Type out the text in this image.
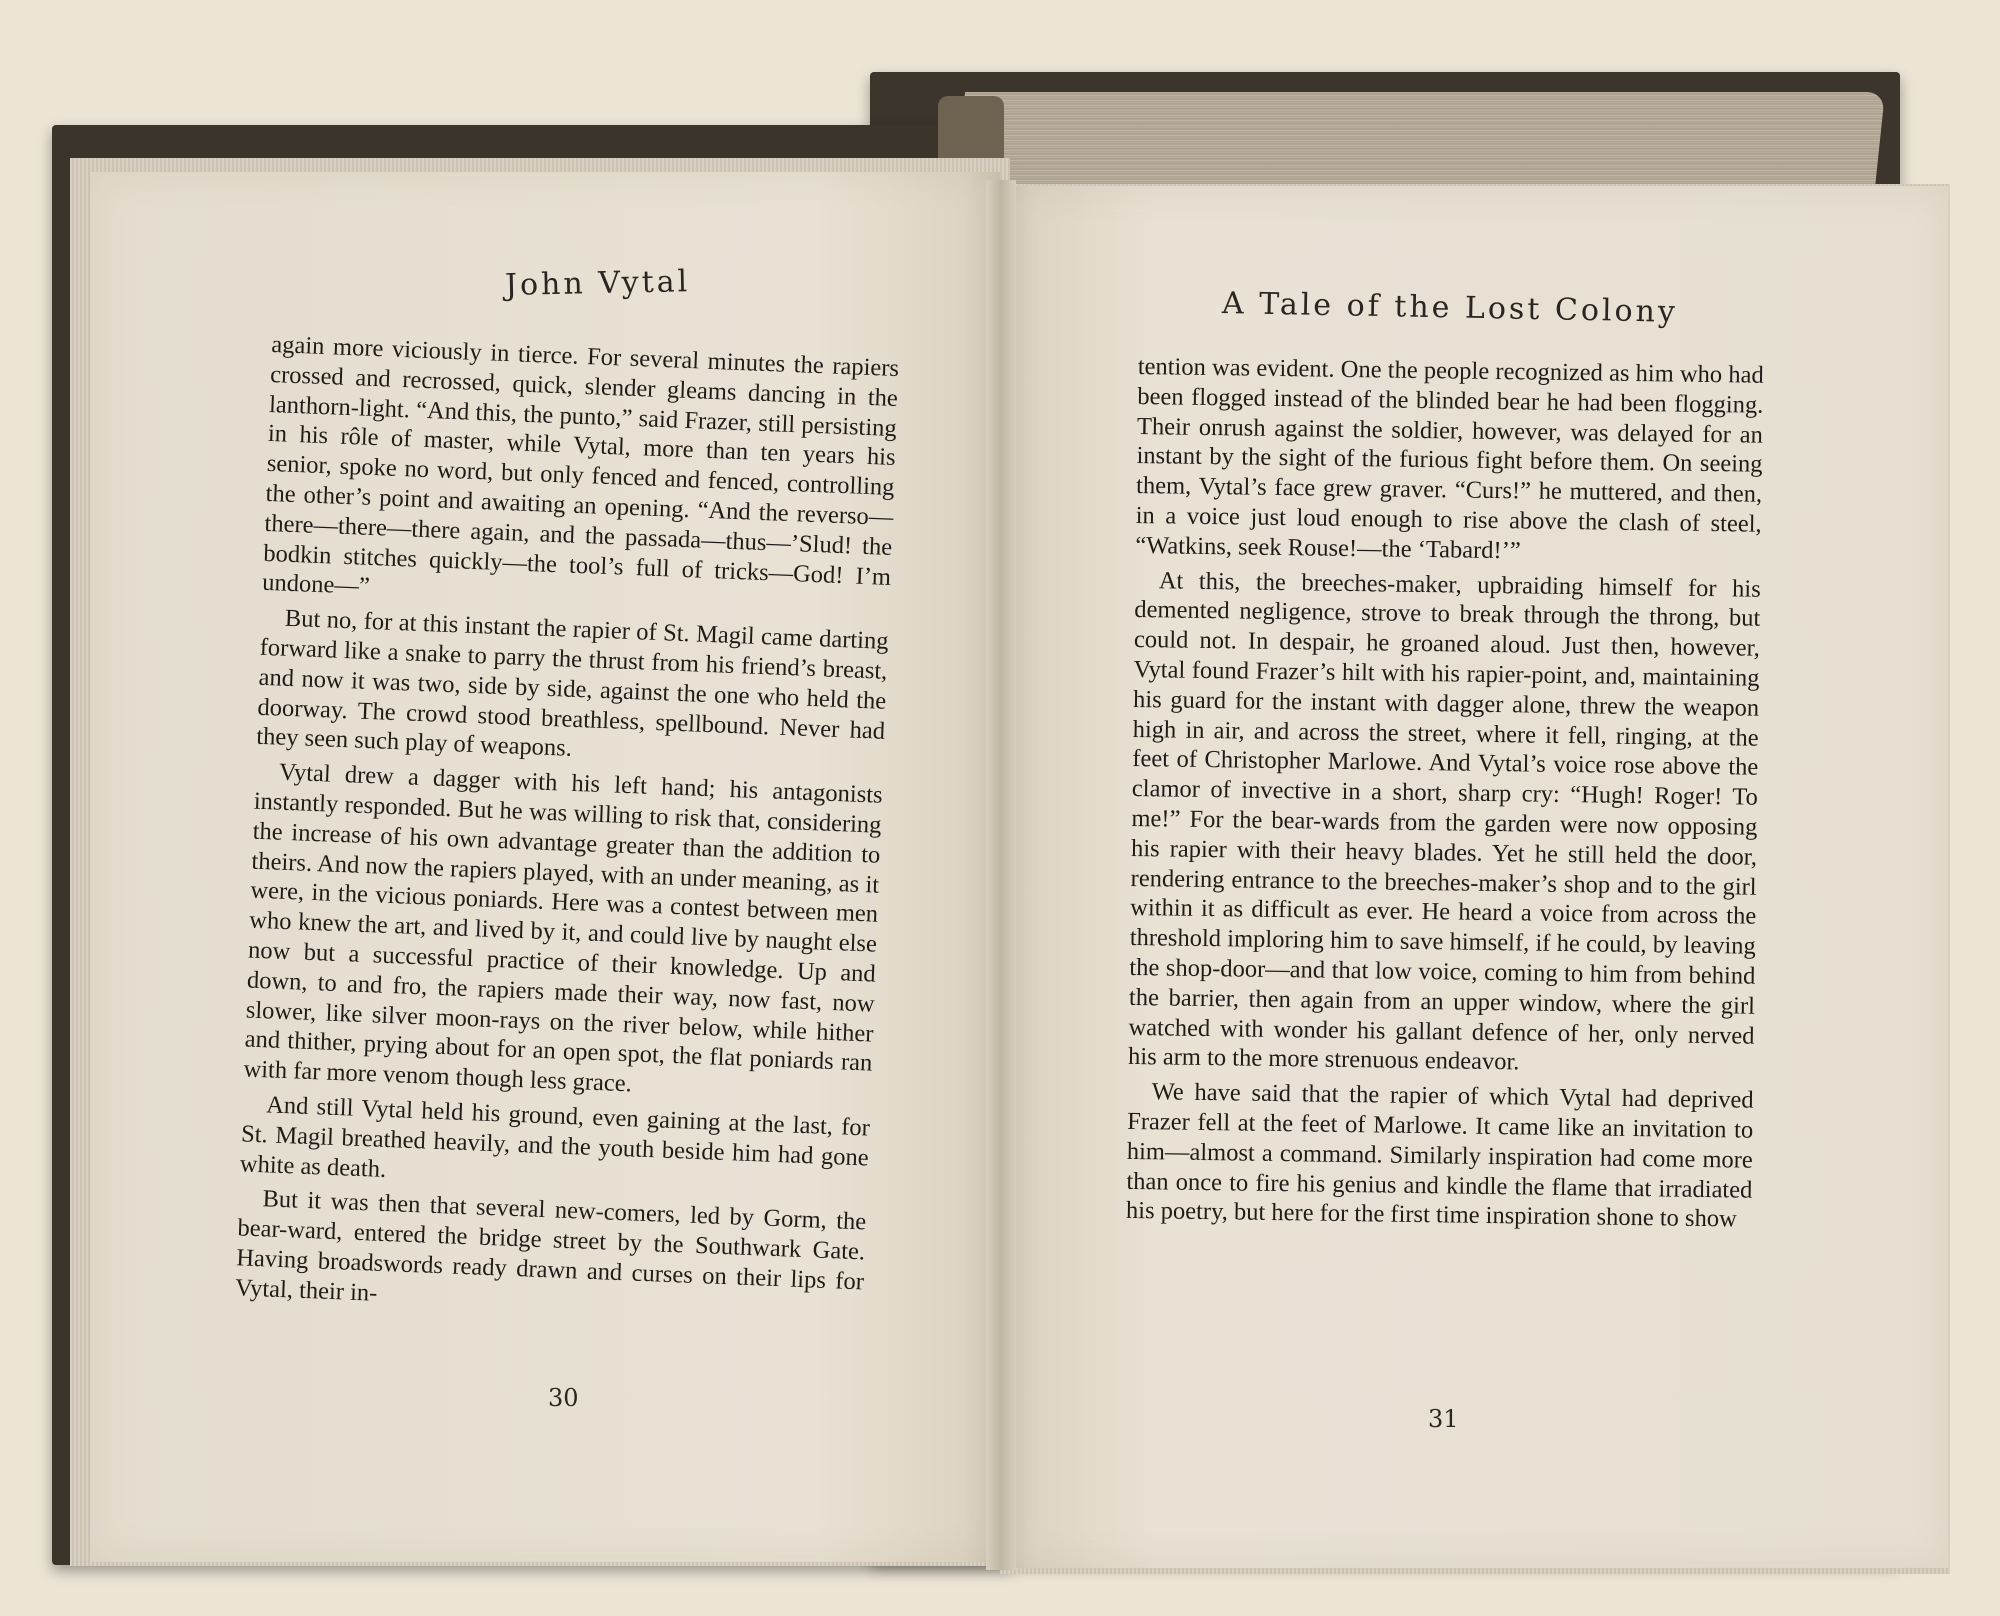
John Vytal

again more viciously in tierce. For several minutes the rapiers crossed and recrossed, quick, slender gleams dancing in the lanthorn-light. “And this, the punto,” said Frazer, still persisting in his rôle of master, while Vytal, more than ten years his senior, spoke no word, but only fenced and fenced, controlling the other’s point and awaiting an opening. “And the reverso—there—there—there again, and the passada—thus—’Slud! the bodkin stitches quickly—the tool’s full of tricks—God! I’m undone—”

But no, for at this instant the rapier of St. Magil came darting forward like a snake to parry the thrust from his friend’s breast, and now it was two, side by side, against the one who held the doorway. The crowd stood breathless, spellbound. Never had they seen such play of weapons.

Vytal drew a dagger with his left hand; his antagonists instantly responded. But he was willing to risk that, considering the increase of his own advantage greater than the addition to theirs. And now the rapiers played, with an under meaning, as it were, in the vicious poniards. Here was a contest between men who knew the art, and lived by it, and could live by naught else now but a successful practice of their knowledge. Up and down, to and fro, the rapiers made their way, now fast, now slower, like silver moon-rays on the river below, while hither and thither, prying about for an open spot, the flat poniards ran with far more venom though less grace.

And still Vytal held his ground, even gaining at the last, for St. Magil breathed heavily, and the youth beside him had gone white as death.

But it was then that several new-comers, led by Gorm, the bear-ward, entered the bridge street by the Southwark Gate. Having broadswords ready drawn and curses on their lips for Vytal, their in-

30
A Tale of the Lost Colony

tention was evident. One the people recognized as him who had been flogged instead of the blinded bear he had been flogging. Their onrush against the soldier, however, was delayed for an instant by the sight of the furious fight before them. On seeing them, Vytal’s face grew graver. “Curs!” he muttered, and then, in a voice just loud enough to rise above the clash of steel, “Watkins, seek Rouse!—the ‘Tabard!’”

At this, the breeches-maker, upbraiding himself for his demented negligence, strove to break through the throng, but could not. In despair, he groaned aloud. Just then, however, Vytal found Frazer’s hilt with his rapier-point, and, maintaining his guard for the instant with dagger alone, threw the weapon high in air, and across the street, where it fell, ringing, at the feet of Christopher Marlowe. And Vytal’s voice rose above the clamor of invective in a short, sharp cry: “Hugh! Roger! To me!” For the bear-wards from the garden were now opposing his rapier with their heavy blades. Yet he still held the door, rendering entrance to the breeches-maker’s shop and to the girl within it as difficult as ever. He heard a voice from across the threshold imploring him to save himself, if he could, by leaving the shop-door—and that low voice, coming to him from behind the barrier, then again from an upper window, where the girl watched with wonder his gallant defence of her, only nerved his arm to the more strenuous endeavor.

We have said that the rapier of which Vytal had deprived Frazer fell at the feet of Marlowe. It came like an invitation to him—almost a command. Similarly inspiration had come more than once to fire his genius and kindle the flame that irradiated his poetry, but here for the first time inspiration shone to show

31
